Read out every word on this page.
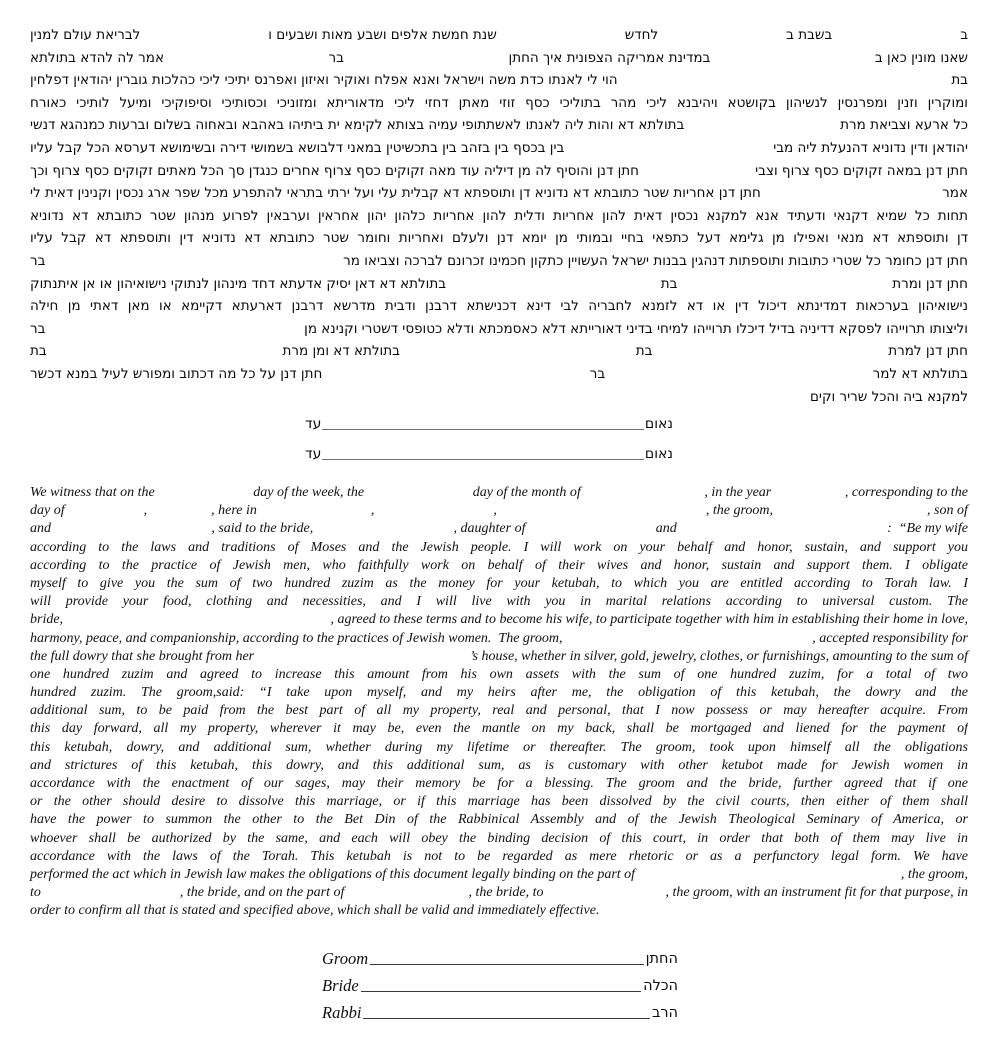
ב
בשבת ב
לחדש
שנת חמשת אלפים ושבע מאות ושבעים ו
לבריאת עולם למנין
שאנו מונין כאן ב
במדינת אמריקה הצפונית איך החתן
בר
אמר לה להדא בתולתא
בת
הוי לי לאנתו כדת משה וישראל ואנא אפלח ואוקיר ואיזון ואפרנס יתיכי ליכי כהלכות גוברין יהודאין דפלחין
ומוקרין וזנין ומפרנסין לנשיהון בקושטא ויהיבנא ליכי מהר בתוליכי כסף זוזי מאתן דחזי ליכי מדאוריתא ומזוניכי וכסותיכי וסיפוקיכי ומיעל לותיכי כאורח
כל ארעא וצביאת מרת
בתולתא דא והות ליה לאנתו לאשתתופי עמיה בצותא לקימא ית ביתיהו באהבא ובאחוה בשלום וברעות כמנהגא דנשי
יהודאן ודין נדוניא דהנעלת ליה מבי
בין בכסף בין בזהב בין בתכשיטין במאני דלבושא בשמושי דירה ובשימושא דערסא הכל קבל עליו
חתן דנן במאה זקוקים כסף צרוף וצבי
חתן דנן והוסיף לה מן דיליה עוד מאה זקוקים כסף צרוף אחרים כנגדן סך הכל מאתים זקוקים כסף צרוף וכך
אמר
חתן דנן אחריות שטר כתובתא דא נדוניא דן ותוספתא דא קבלית עלי ועל ירתי בתראי להתפרע מכל שפר ארג נכסין וקנינין דאית לי
תחות כל שמיא דקנאי ודעתיד אנא למקנא נכסין דאית להון אחריות ודלית להון אחריות כלהון יהון אחראין וערבאין לפרוע מנהון שטר כתובתא דא נדוניא
דן ותוספתא דא מנאי ואפילו מן גלימא דעל כתפאי בחיי ובמותי מן יומא דנן ולעלם ואחריות וחומר שטר כתובתא דא נדוניא דין ותוספתא דא קבל עליו
חתן דנן כחומר כל שטרי כתובות ותוספתות דנהגין בבנות ישראל העשויין כתקון חכמינו זכרונם לברכה וצביאו מר
בר
חתן דנן ומרת
בת
בתולתא דא דאן יסיק אדעתא דחד מינהון לנתוקי נישואיהון או אן איתנתוק
נישואיהון בערכאות דמדינתא דיכול דין או דא לזמנא לחבריה לבי דינא דכנישתא דרבנן ודבית מדרשא דרבנן דארעתא דקיימא או מאן דאתי מן חילה
וליצותו תרוייהו לפסקא דדיניה בדיל דיכלו תרוייהו למיחי בדיני דאורייתא דלא כאסמכתא ודלא כטופסי דשטרי וקנינא מן
בר
חתן דנן למרת
בת
בתולתא דא ומן מרת
בת
בתולתא דא למר
בר
חתן דנן על כל מה דכתוב ומפורש לעיל במנא דכשר
למקנא ביה והכל שריר וקים
נאום
עד
נאום
עד
We witness that on the	day of the week, the	day of the month of	, in the year	, corresponding to the
day of	,	, here in	,	,	, the groom,	, son of
and	, said to the bride,	, daughter of	and	:  “Be my wife
according to the laws and traditions of Moses and the Jewish people. I will work on your behalf and honor, sustain, and support you
according to the practice of Jewish men, who faithfully work on behalf of their wives and honor, sustain and support them. I obligate
myself to give you the sum of two hundred zuzim as the money for your ketubah, to which you are entitled according to Torah law. I
will provide your food, clothing and necessities, and I will live with you in marital relations according to universal custom. The
bride,	, agreed to these terms and to become his wife, to participate together with him in establishing their home in love,
harmony, peace, and companionship, according to the practices of Jewish women.  The groom,	, accepted responsibility for
the full dowry that she brought from her	’s house, whether in silver, gold, jewelry, clothes, or furnishings, amounting to the sum of
one hundred zuzim and agreed to increase this amount from his own assets with the sum of one hundred zuzim, for a total of two
hundred zuzim. The groom,said: “I take upon myself, and my heirs after me, the obligation of this ketubah, the dowry and the
additional sum, to be paid from the best part of all my property, real and personal, that I now possess or may hereafter acquire. From
this day forward, all my property, wherever it may be, even the mantle on my back, shall be mortgaged and liened for the payment of
this ketubah, dowry, and additional sum, whether during my lifetime or thereafter. The groom, took upon himself all the obligations
and strictures of this ketubah, this dowry, and this additional sum, as is customary with other ketubot made for Jewish women in
accordance with the enactment of our sages, may their memory be for a blessing. The groom and the bride, further agreed that if one
or the other should desire to dissolve this marriage, or if this marriage has been dissolved by the civil courts, then either of them shall
have the power to summon the other to the Bet Din of the Rabbinical Assembly and of the Jewish Theological Seminary of America, or
whoever shall be authorized by the same, and each will obey the binding decision of this court, in order that both of them may live in
accordance with the laws of the Torah. This ketubah is not to be regarded as mere rhetoric or as a perfunctory legal form. We have
performed the act which in Jewish law makes the obligations of this document legally binding on the part of	, the groom,
to	, the bride, and on the part of	, the bride, to	, the groom, with an instrument fit for that purpose, in
order to confirm all that is stated and specified above, which shall be valid and immediately effective.
Groom	החתן
Bride	הכלה
Rabbi	הרב
